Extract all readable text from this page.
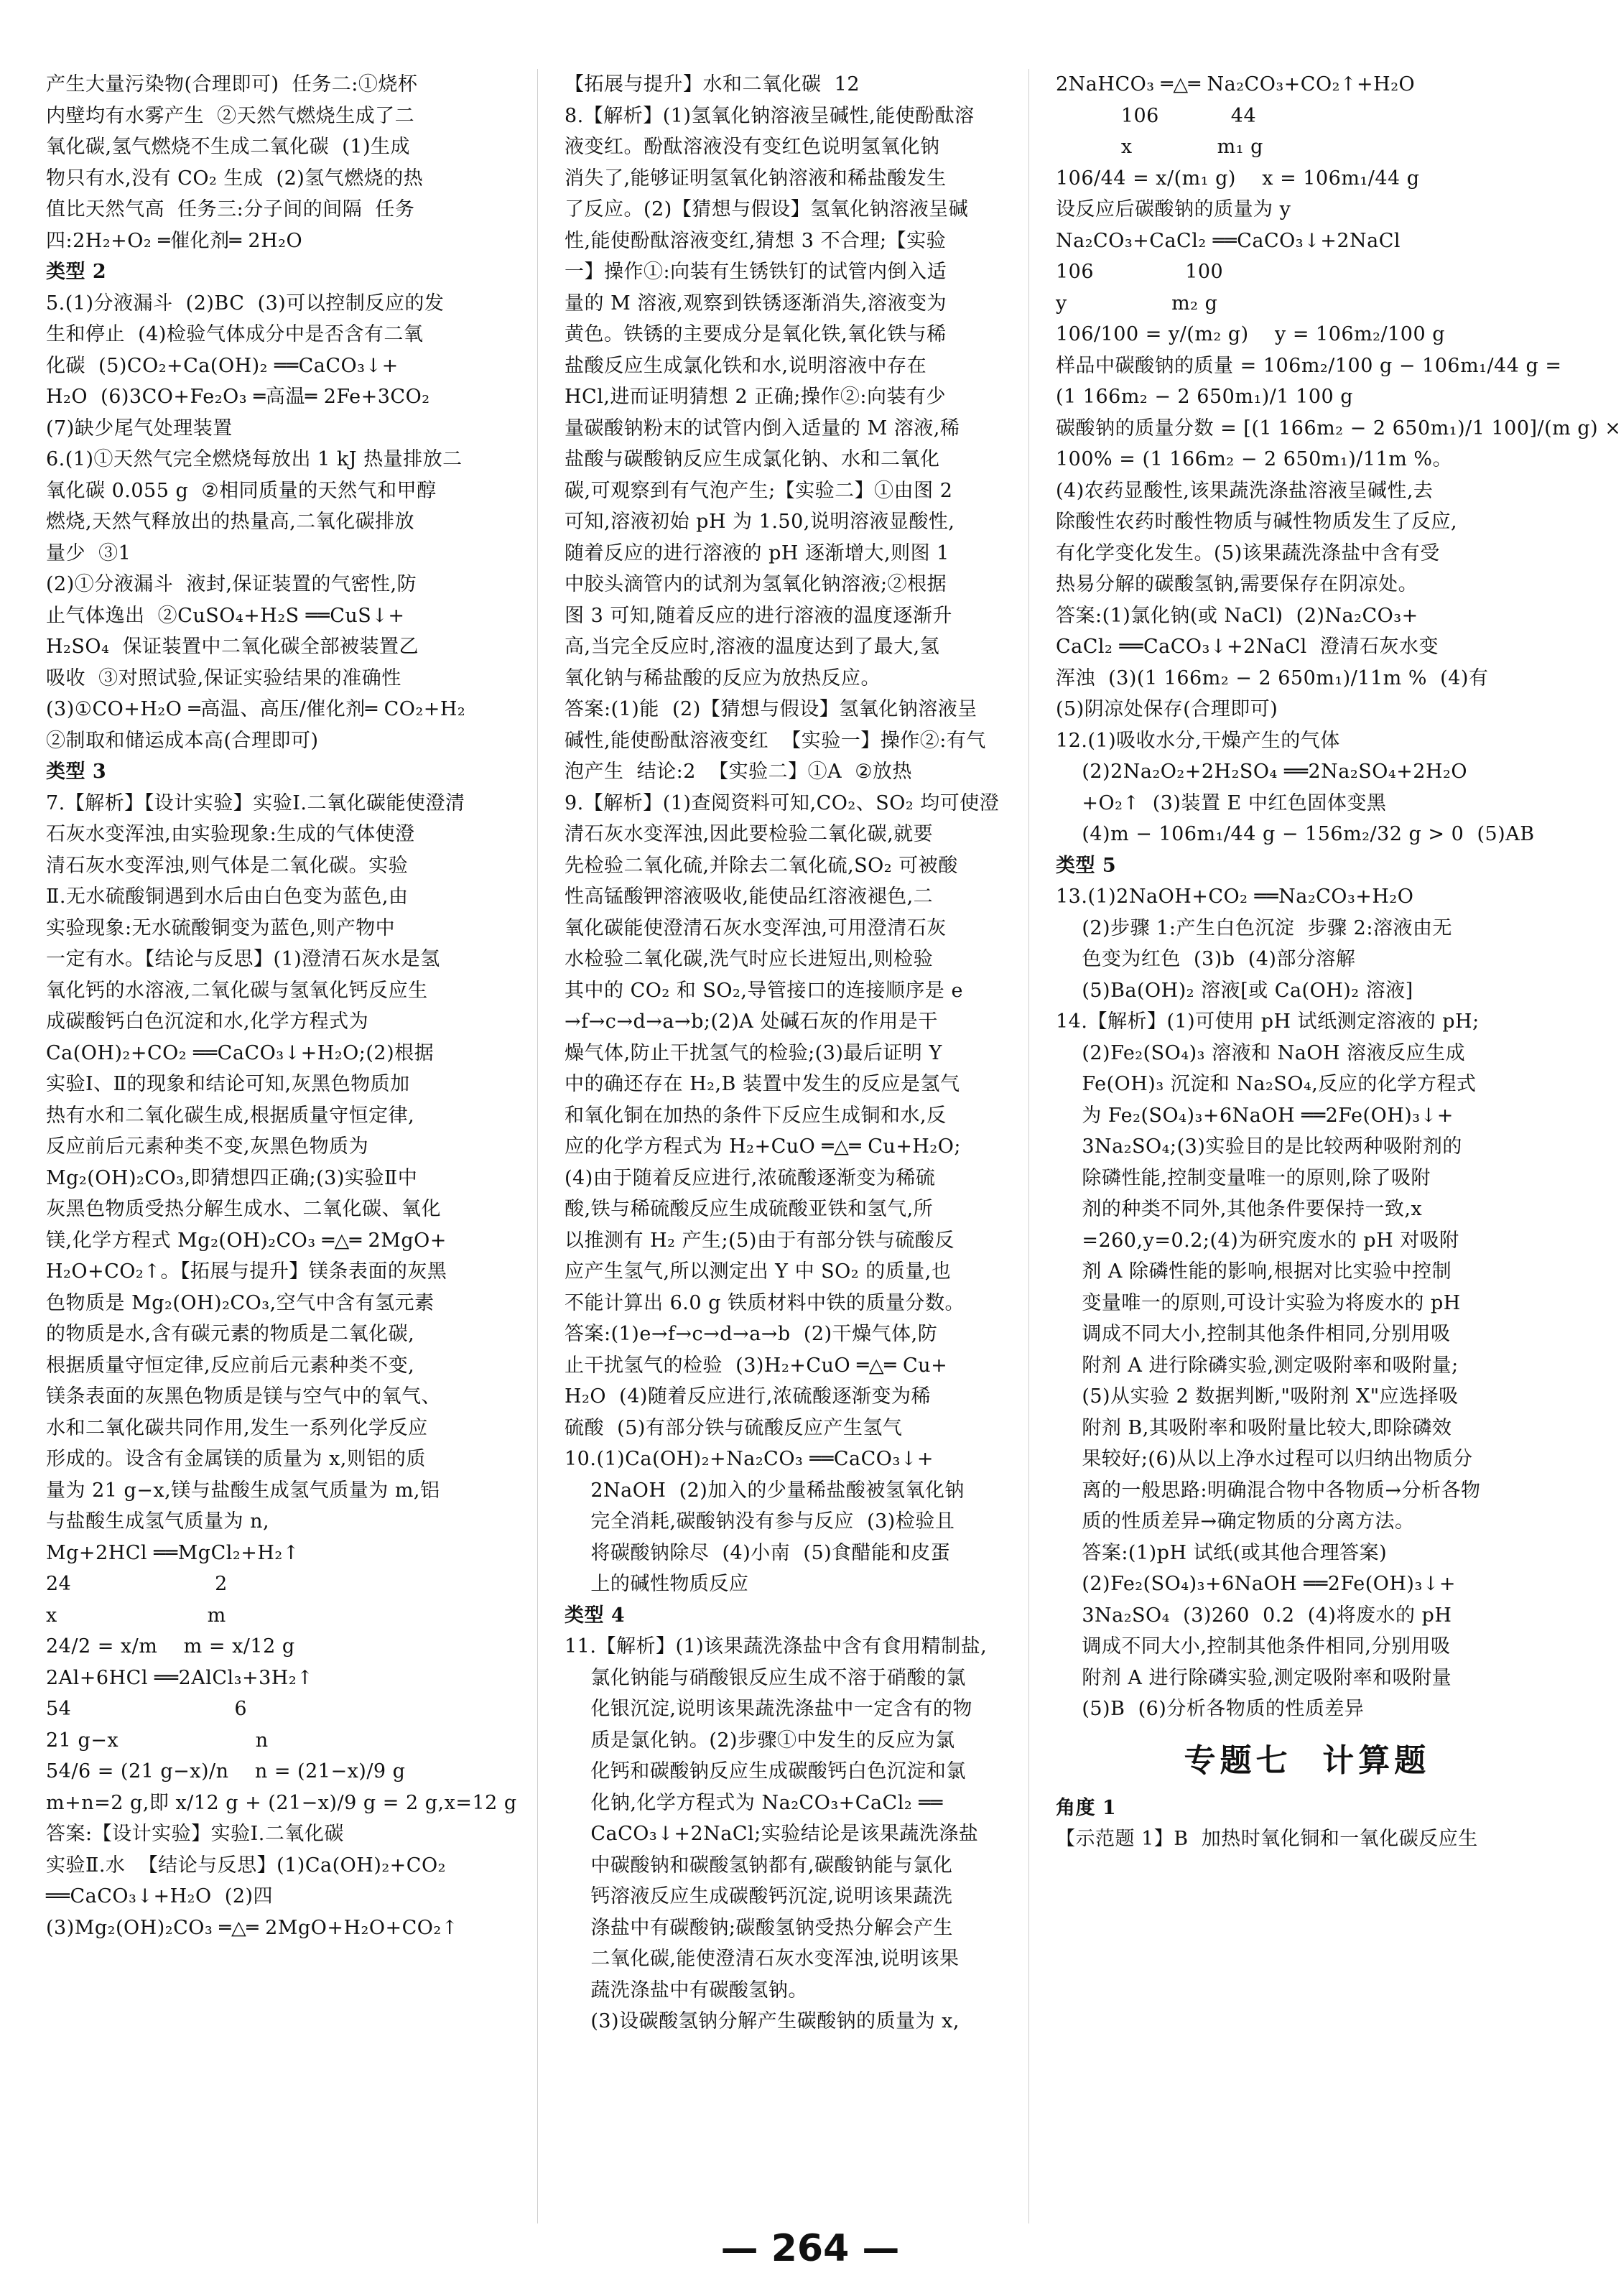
产生大量污染物(合理即可)  任务二:①烧杯
内壁均有水雾产生  ②天然气燃烧生成了二
氧化碳,氢气燃烧不生成二氧化碳  (1)生成
物只有水,没有 CO₂ 生成  (2)氢气燃烧的热
值比天然气高  任务三:分子间的间隔  任务
四:2H₂+O₂ ═催化剂═ 2H₂O
类型 2
5.(1)分液漏斗  (2)BC  (3)可以控制反应的发
生和停止  (4)检验气体成分中是否含有二氧
化碳  (5)CO₂+Ca(OH)₂ ══CaCO₃↓+
H₂O  (6)3CO+Fe₂O₃ ═高温═ 2Fe+3CO₂
(7)缺少尾气处理装置
6.(1)①天然气完全燃烧每放出 1 kJ 热量排放二
氧化碳 0.055 g  ②相同质量的天然气和甲醇
燃烧,天然气释放出的热量高,二氧化碳排放
量少  ③1
(2)①分液漏斗  液封,保证装置的气密性,防
止气体逸出  ②CuSO₄+H₂S ══CuS↓+
H₂SO₄  保证装置中二氧化碳全部被装置乙
吸收  ③对照试验,保证实验结果的准确性
(3)①CO+H₂O ═高温、高压/催化剂═ CO₂+H₂
②制取和储运成本高(合理即可)
类型 3
7.【解析】【设计实验】实验Ⅰ.二氧化碳能使澄清
石灰水变浑浊,由实验现象:生成的气体使澄
清石灰水变浑浊,则气体是二氧化碳。实验
Ⅱ.无水硫酸铜遇到水后由白色变为蓝色,由
实验现象:无水硫酸铜变为蓝色,则产物中
一定有水。【结论与反思】(1)澄清石灰水是氢
氧化钙的水溶液,二氧化碳与氢氧化钙反应生
成碳酸钙白色沉淀和水,化学方程式为
Ca(OH)₂+CO₂ ══CaCO₃↓+H₂O;(2)根据
实验Ⅰ、Ⅱ的现象和结论可知,灰黑色物质加
热有水和二氧化碳生成,根据质量守恒定律,
反应前后元素种类不变,灰黑色物质为
Mg₂(OH)₂CO₃,即猜想四正确;(3)实验Ⅱ中
灰黑色物质受热分解生成水、二氧化碳、氧化
镁,化学方程式 Mg₂(OH)₂CO₃ ═△═ 2MgO+
H₂O+CO₂↑。【拓展与提升】镁条表面的灰黑
色物质是 Mg₂(OH)₂CO₃,空气中含有氢元素
的物质是水,含有碳元素的物质是二氧化碳,
根据质量守恒定律,反应前后元素种类不变,
镁条表面的灰黑色物质是镁与空气中的氧气、
水和二氧化碳共同作用,发生一系列化学反应
形成的。设含有金属镁的质量为 x,则铝的质
量为 21 g−x,镁与盐酸生成氢气质量为 m,铝
与盐酸生成氢气质量为 n,
Mg+2HCl ══MgCl₂+H₂↑
24                      2
x                       m
24/2 = x/m    m = x/12 g
2Al+6HCl ══2AlCl₃+3H₂↑
54                         6
21 g−x                     n
54/6 = (21 g−x)/n    n = (21−x)/9 g
m+n=2 g,即 x/12 g + (21−x)/9 g = 2 g,x=12 g
答案:【设计实验】实验Ⅰ.二氧化碳
实验Ⅱ.水  【结论与反思】(1)Ca(OH)₂+CO₂
══CaCO₃↓+H₂O  (2)四
(3)Mg₂(OH)₂CO₃ ═△═ 2MgO+H₂O+CO₂↑
【拓展与提升】水和二氧化碳  12
8.【解析】(1)氢氧化钠溶液呈碱性,能使酚酞溶
液变红。酚酞溶液没有变红色说明氢氧化钠
消失了,能够证明氢氧化钠溶液和稀盐酸发生
了反应。(2)【猜想与假设】氢氧化钠溶液呈碱
性,能使酚酞溶液变红,猜想 3 不合理;【实验
一】操作①:向装有生锈铁钉的试管内倒入适
量的 M 溶液,观察到铁锈逐渐消失,溶液变为
黄色。铁锈的主要成分是氧化铁,氧化铁与稀
盐酸反应生成氯化铁和水,说明溶液中存在
HCl,进而证明猜想 2 正确;操作②:向装有少
量碳酸钠粉末的试管内倒入适量的 M 溶液,稀
盐酸与碳酸钠反应生成氯化钠、水和二氧化
碳,可观察到有气泡产生;【实验二】①由图 2
可知,溶液初始 pH 为 1.50,说明溶液显酸性,
随着反应的进行溶液的 pH 逐渐增大,则图 1
中胶头滴管内的试剂为氢氧化钠溶液;②根据
图 3 可知,随着反应的进行溶液的温度逐渐升
高,当完全反应时,溶液的温度达到了最大,氢
氧化钠与稀盐酸的反应为放热反应。
答案:(1)能  (2)【猜想与假设】氢氧化钠溶液呈
碱性,能使酚酞溶液变红  【实验一】操作②:有气
泡产生  结论:2  【实验二】①A  ②放热
9.【解析】(1)查阅资料可知,CO₂、SO₂ 均可使澄
清石灰水变浑浊,因此要检验二氧化碳,就要
先检验二氧化硫,并除去二氧化硫,SO₂ 可被酸
性高锰酸钾溶液吸收,能使品红溶液褪色,二
氧化碳能使澄清石灰水变浑浊,可用澄清石灰
水检验二氧化碳,洗气时应长进短出,则检验
其中的 CO₂ 和 SO₂,导管接口的连接顺序是 e
→f→c→d→a→b;(2)A 处碱石灰的作用是干
燥气体,防止干扰氢气的检验;(3)最后证明 Y
中的确还存在 H₂,B 装置中发生的反应是氢气
和氧化铜在加热的条件下反应生成铜和水,反
应的化学方程式为 H₂+CuO ═△═ Cu+H₂O;
(4)由于随着反应进行,浓硫酸逐渐变为稀硫
酸,铁与稀硫酸反应生成硫酸亚铁和氢气,所
以推测有 H₂ 产生;(5)由于有部分铁与硫酸反
应产生氢气,所以测定出 Y 中 SO₂ 的质量,也
不能计算出 6.0 g 铁质材料中铁的质量分数。
答案:(1)e→f→c→d→a→b  (2)干燥气体,防
止干扰氢气的检验  (3)H₂+CuO ═△═ Cu+
H₂O  (4)随着反应进行,浓硫酸逐渐变为稀
硫酸  (5)有部分铁与硫酸反应产生氢气
10.(1)Ca(OH)₂+Na₂CO₃ ══CaCO₃↓+
2NaOH  (2)加入的少量稀盐酸被氢氧化钠
完全消耗,碳酸钠没有参与反应  (3)检验且
将碳酸钠除尽  (4)小南  (5)食醋能和皮蛋
上的碱性物质反应
类型 4
11.【解析】(1)该果蔬洗涤盐中含有食用精制盐,
氯化钠能与硝酸银反应生成不溶于硝酸的氯
化银沉淀,说明该果蔬洗涤盐中一定含有的物
质是氯化钠。(2)步骤①中发生的反应为氯
化钙和碳酸钠反应生成碳酸钙白色沉淀和氯
化钠,化学方程式为 Na₂CO₃+CaCl₂ ══
CaCO₃↓+2NaCl;实验结论是该果蔬洗涤盐
中碳酸钠和碳酸氢钠都有,碳酸钠能与氯化
钙溶液反应生成碳酸钙沉淀,说明该果蔬洗
涤盐中有碳酸钠;碳酸氢钠受热分解会产生
二氧化碳,能使澄清石灰水变浑浊,说明该果
蔬洗涤盐中有碳酸氢钠。
(3)设碳酸氢钠分解产生碳酸钠的质量为 x,
2NaHCO₃ ═△═ Na₂CO₃+CO₂↑+H₂O
106           44
x             m₁ g
106/44 = x/(m₁ g)    x = 106m₁/44 g
设反应后碳酸钠的质量为 y
Na₂CO₃+CaCl₂ ══CaCO₃↓+2NaCl
106              100
y                m₂ g
106/100 = y/(m₂ g)    y = 106m₂/100 g
样品中碳酸钠的质量 = 106m₂/100 g − 106m₁/44 g =
(1 166m₂ − 2 650m₁)/1 100 g
碳酸钠的质量分数 = [(1 166m₂ − 2 650m₁)/1 100]/(m g) ×
100% = (1 166m₂ − 2 650m₁)/11m %。
(4)农药显酸性,该果蔬洗涤盐溶液呈碱性,去
除酸性农药时酸性物质与碱性物质发生了反应,
有化学变化发生。(5)该果蔬洗涤盐中含有受
热易分解的碳酸氢钠,需要保存在阴凉处。
答案:(1)氯化钠(或 NaCl)  (2)Na₂CO₃+
CaCl₂ ══CaCO₃↓+2NaCl  澄清石灰水变
浑浊  (3)(1 166m₂ − 2 650m₁)/11m %  (4)有
(5)阴凉处保存(合理即可)
12.(1)吸收水分,干燥产生的气体
(2)2Na₂O₂+2H₂SO₄ ══2Na₂SO₄+2H₂O
+O₂↑  (3)装置 E 中红色固体变黑
(4)m − 106m₁/44 g − 156m₂/32 g > 0  (5)AB
类型 5
13.(1)2NaOH+CO₂ ══Na₂CO₃+H₂O
(2)步骤 1:产生白色沉淀  步骤 2:溶液由无
色变为红色  (3)b  (4)部分溶解
(5)Ba(OH)₂ 溶液[或 Ca(OH)₂ 溶液]
14.【解析】(1)可使用 pH 试纸测定溶液的 pH;
(2)Fe₂(SO₄)₃ 溶液和 NaOH 溶液反应生成
Fe(OH)₃ 沉淀和 Na₂SO₄,反应的化学方程式
为 Fe₂(SO₄)₃+6NaOH ══2Fe(OH)₃↓+
3Na₂SO₄;(3)实验目的是比较两种吸附剂的
除磷性能,控制变量唯一的原则,除了吸附
剂的种类不同外,其他条件要保持一致,x
=260,y=0.2;(4)为研究废水的 pH 对吸附
剂 A 除磷性能的影响,根据对比实验中控制
变量唯一的原则,可设计实验为将废水的 pH
调成不同大小,控制其他条件相同,分别用吸
附剂 A 进行除磷实验,测定吸附率和吸附量;
(5)从实验 2 数据判断,"吸附剂 X"应选择吸
附剂 B,其吸附率和吸附量比较大,即除磷效
果较好;(6)从以上净水过程可以归纳出物质分
离的一般思路:明确混合物中各物质→分析各物
质的性质差异→确定物质的分离方法。
答案:(1)pH 试纸(或其他合理答案)
(2)Fe₂(SO₄)₃+6NaOH ══2Fe(OH)₃↓+
3Na₂SO₄  (3)260  0.2  (4)将废水的 pH
调成不同大小,控制其他条件相同,分别用吸
附剂 A 进行除磷实验,测定吸附率和吸附量
(5)B  (6)分析各物质的性质差异
专题七  计算题
角度 1
【示范题 1】B  加热时氧化铜和一氧化碳反应生
— 264 —
